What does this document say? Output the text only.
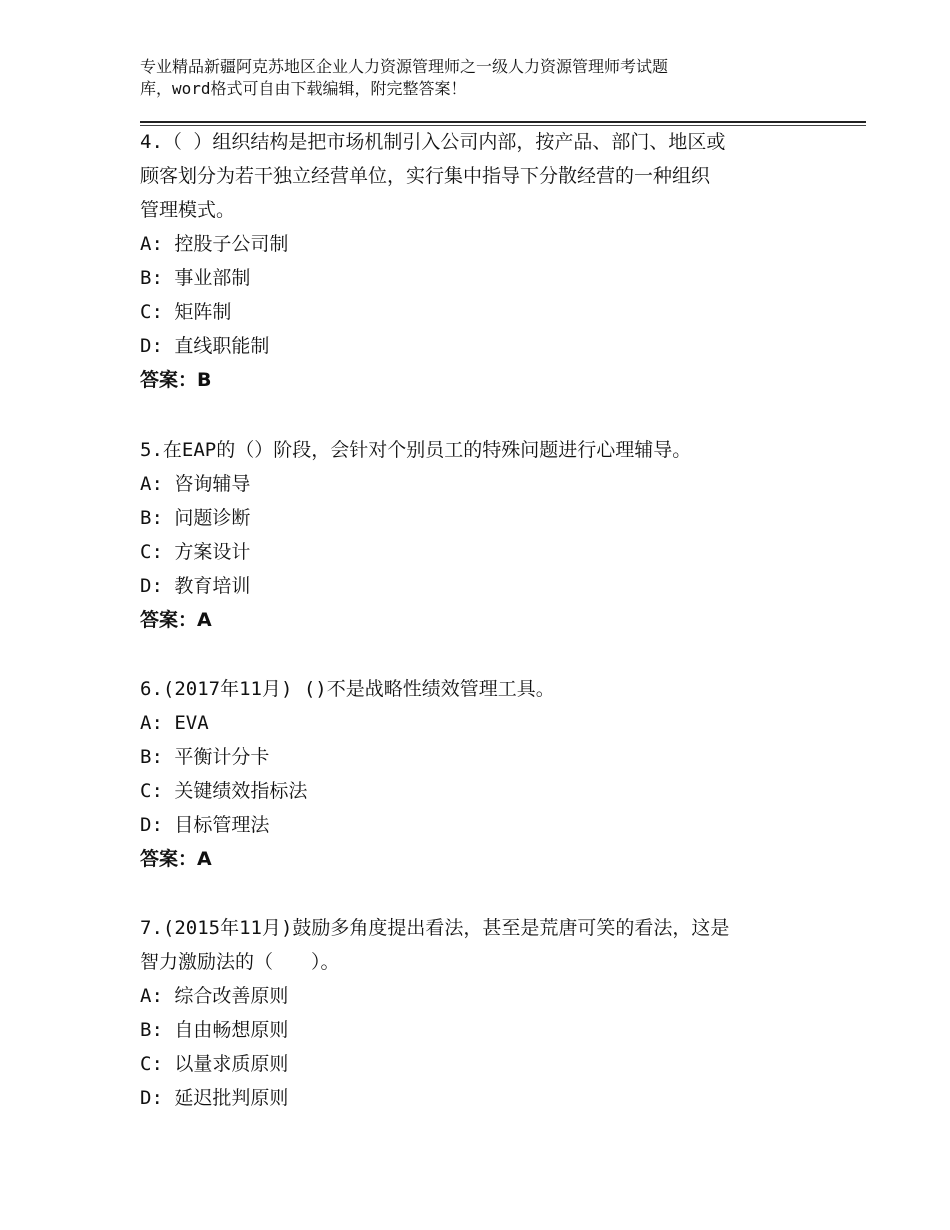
专业精品新疆阿克苏地区企业人力资源管理师之一级人力资源管理师考试题
库，word格式可自由下载编辑，附完整答案！
4.（ ）组织结构是把市场机制引入公司内部，按产品、部门、地区或
顾客划分为若干独立经营单位，实行集中指导下分散经营的一种组织
管理模式。
A: 控股子公司制
B: 事业部制
C: 矩阵制
D: 直线职能制
答案：B
5.在EAP的（）阶段，会针对个别员工的特殊问题进行心理辅导。
A: 咨询辅导
B: 问题诊断
C: 方案设计
D: 教育培训
答案：A
6.(2017年11月) ()不是战略性绩效管理工具。
A: EVA
B: 平衡计分卡
C: 关键绩效指标法
D: 目标管理法
答案：A
7.(2015年11月)鼓励多角度提出看法，甚至是荒唐可笑的看法，这是
智力激励法的（　　）。
A: 综合改善原则
B: 自由畅想原则
C: 以量求质原则
D: 延迟批判原则
